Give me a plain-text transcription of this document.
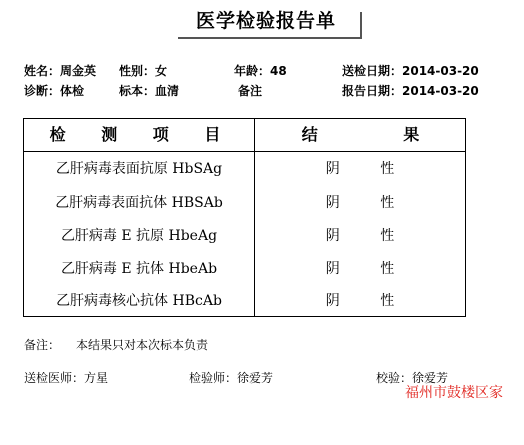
医学检验报告单
姓名：周金英 性别：女	年龄：48	送检日期：2014-03-20
诊断：体检	标本：血清	备注	报告日期：2014-03-20
检 测 项 目	结 果
乙肝病毒表面抗原 HbSAg	阴 性
乙肝病毒表面抗体 HBSAb	阴 性
乙肝病毒 E 抗原 HbeAg	阴 性
乙肝病毒 E 抗体 HbeAb	阴 性
乙肝病毒核心抗体 HBcAb	阴 性
备注： 本结果只对本次标本负责
送检医师：方星	检验师：徐爱芳	校验：徐爱芳
福州市鼓楼区家
